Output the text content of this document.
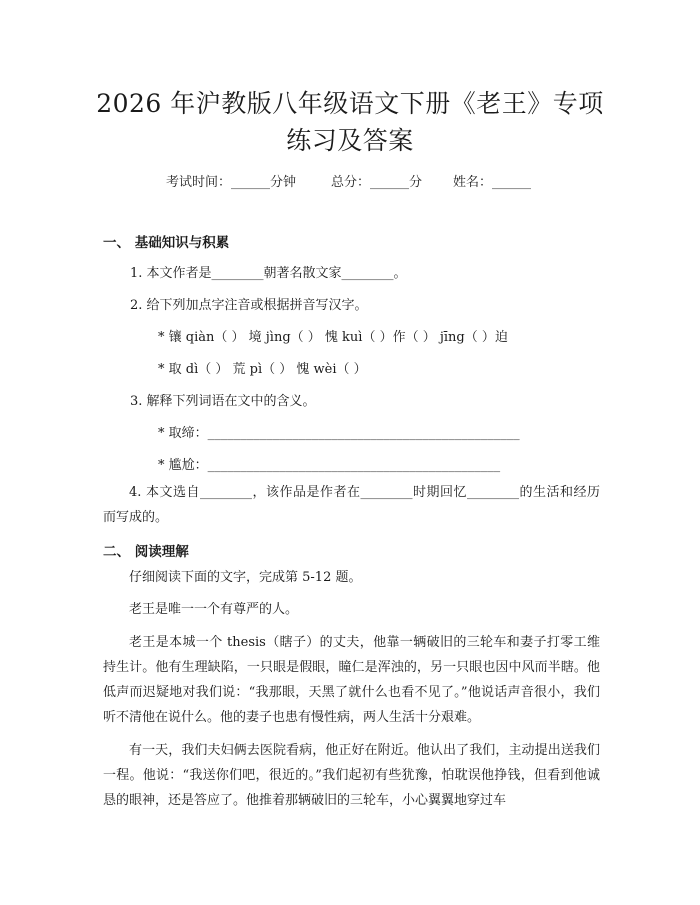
2026 年沪教版八年级语文下册《老王》专项
练习及答案
考试时间：______分钟	总分：______分 姓名：______
一、 基础知识与积累
1. 本文作者是________朝著名散文家________。
2. 给下列加点字注音或根据拼音写汉字。
* 镶 qiàn（ ） 境 jìng（ ） 愧 kuì（ ）作（ ） jīng（ ）迫
* 取 dì（ ） 荒 pì（ ） 愧 wèi（ ）
3. 解释下列词语在文中的含义。
* 取缔：________________________________________________
* 尴尬：_____________________________________________
4. 本文选自________，该作品是作者在________时期回忆________的生活和经历而写成的。
二、 阅读理解
仔细阅读下面的文字，完成第 5-12 题。
老王是唯一一个有尊严的人。
老王是本城一个 thesis（瞎子）的丈夫，他靠一辆破旧的三轮车和妻子打零工维持生计。他有生理缺陷，一只眼是假眼，瞳仁是浑浊的，另一只眼也因中风而半瞎。他低声而迟疑地对我们说：“我那眼，天黑了就什么也看不见了。”他说话声音很小，我们听不清他在说什么。他的妻子也患有慢性病，两人生活十分艰难。
有一天，我们夫妇俩去医院看病，他正好在附近。他认出了我们，主动提出送我们一程。他说：“我送你们吧，很近的。”我们起初有些犹豫，怕耽误他挣钱，但看到他诚恳的眼神，还是答应了。他推着那辆破旧的三轮车，小心翼翼地穿过车
